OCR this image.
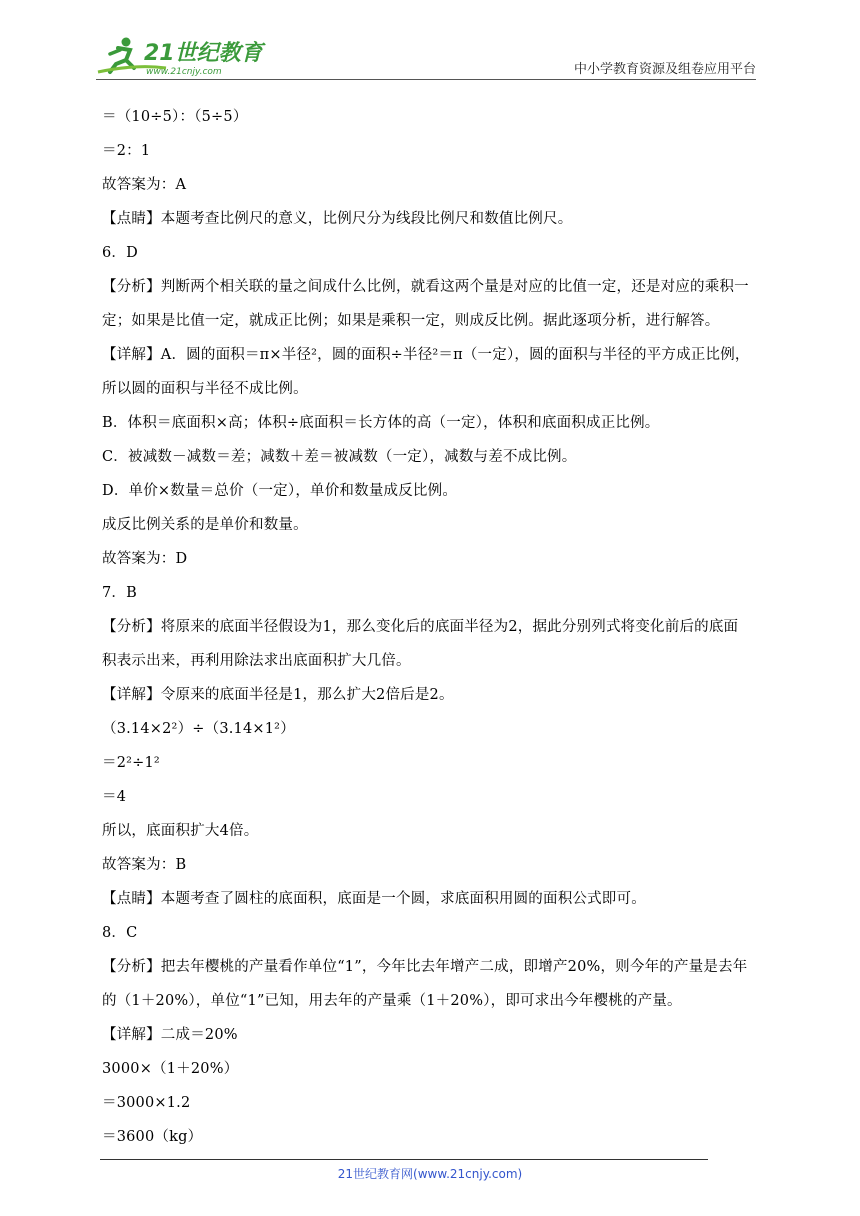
21世纪教育
www.21cnjy.com	中小学教育资源及组卷应用平台
＝（10÷5）：（5÷5）
＝2：1
故答案为：A
【点睛】本题考查比例尺的意义，比例尺分为线段比例尺和数值比例尺。
6．D
【分析】判断两个相关联的量之间成什么比例，就看这两个量是对应的比值一定，还是对应的乘积一
定；如果是比值一定，就成正比例；如果是乘积一定，则成反比例。据此逐项分析，进行解答。
【详解】A．圆的面积＝π×半径²，圆的面积÷半径²＝π（一定），圆的面积与半径的平方成正比例，
所以圆的面积与半径不成比例。
B．体积＝底面积×高；体积÷底面积＝长方体的高（一定），体积和底面积成正比例。
C．被减数－减数＝差；减数＋差＝被减数（一定），减数与差不成比例。
D．单价×数量＝总价（一定），单价和数量成反比例。
成反比例关系的是单价和数量。
故答案为：D
7．B
【分析】将原来的底面半径假设为1，那么变化后的底面半径为2，据此分别列式将变化前后的底面
积表示出来，再利用除法求出底面积扩大几倍。
【详解】令原来的底面半径是1，那么扩大2倍后是2。
（3.14×2²）÷（3.14×1²）
＝2²÷1²
＝4
所以，底面积扩大4倍。
故答案为：B
【点睛】本题考查了圆柱的底面积，底面是一个圆，求底面积用圆的面积公式即可。
8．C
【分析】把去年樱桃的产量看作单位“1”，今年比去年增产二成，即增产20%，则今年的产量是去年
的（1＋20%），单位“1”已知，用去年的产量乘（1＋20%），即可求出今年樱桃的产量。
【详解】二成＝20%
3000×（1＋20%）
＝3000×1.2
＝3600（kg）
21世纪教育网(www.21cnjy.com)
